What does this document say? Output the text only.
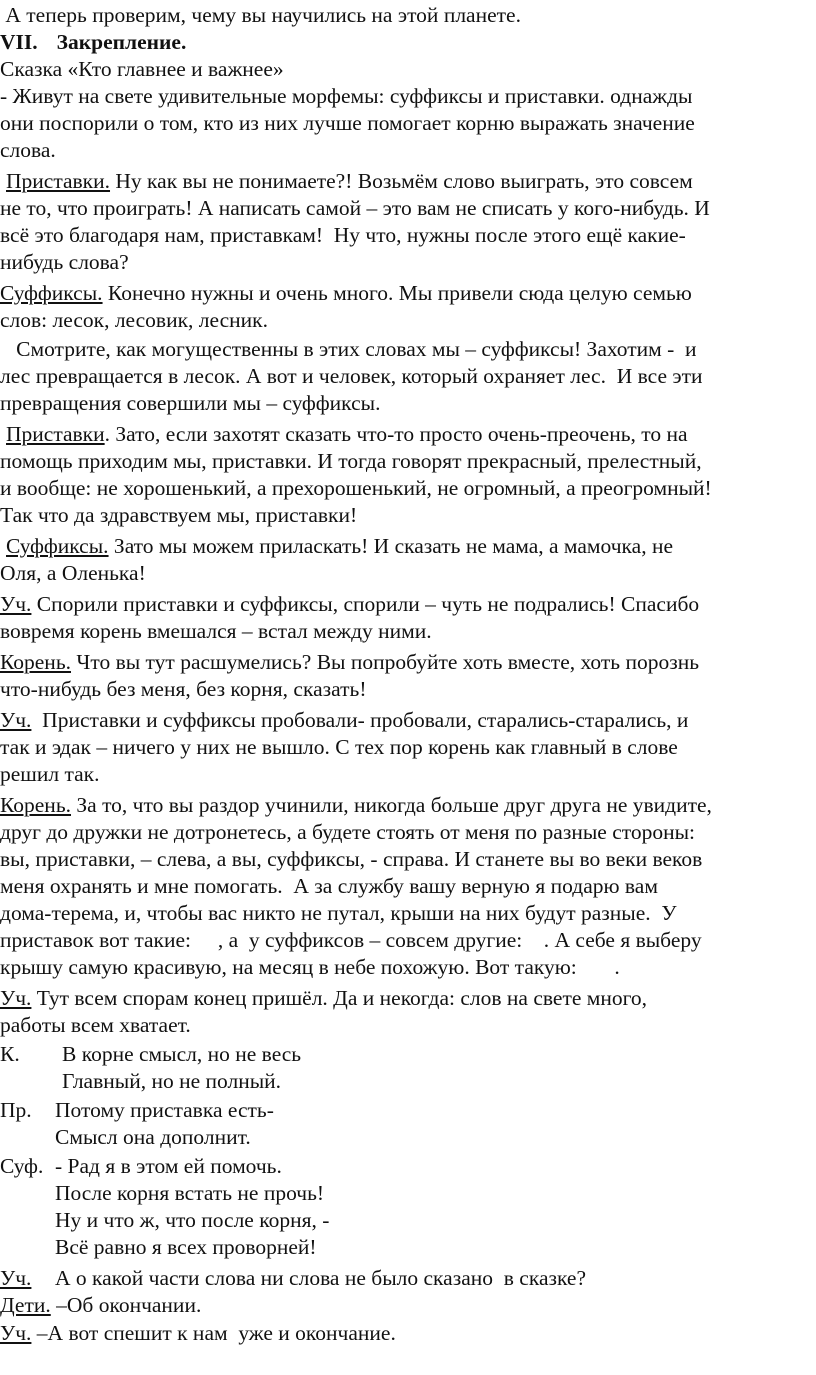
А теперь проверим, чему вы научились на этой планете.
VII. Закрепление.
Сказка «Кто главнее и важнее»
- Живут на свете удивительные морфемы: суффиксы и приставки. однажды
они поспорили о том, кто из них лучше помогает корню выражать значение
слова.
Приставки. Ну как вы не понимаете?! Возьмём слово выиграть, это совсем
не то, что проиграть! А написать самой – это вам не списать у кого-нибудь. И
всё это благодаря нам, приставкам!  Ну что, нужны после этого ещё какие-
нибудь слова?
Суффиксы. Конечно нужны и очень много. Мы привели сюда целую семью
слов: лесок, лесовик, лесник.
Смотрите, как могущественны в этих словах мы – суффиксы! Захотим -  и
лес превращается в лесок. А вот и человек, который охраняет лес.  И все эти
превращения совершили мы – суффиксы.
Приставки. Зато, если захотят сказать что-то просто очень-преочень, то на
помощь приходим мы, приставки. И тогда говорят прекрасный, прелестный,
и вообще: не хорошенький, а прехорошенький, не огромный, а преогромный!
Так что да здравствуем мы, приставки!
Суффиксы. Зато мы можем приласкать! И сказать не мама, а мамочка, не
Оля, а Оленька!
Уч. Спорили приставки и суффиксы, спорили – чуть не подрались! Спасибо
вовремя корень вмешался – встал между ними.
Корень. Что вы тут расшумелись? Вы попробуйте хоть вместе, хоть порознь
что-нибудь без меня, без корня, сказать!
Уч.  Приставки и суффиксы пробовали- пробовали, старались-старались, и
так и эдак – ничего у них не вышло. С тех пор корень как главный в слове
решил так.
Корень. За то, что вы раздор учинили, никогда больше друг друга не увидите,
друг до дружки не дотронетесь, а будете стоять от меня по разные стороны:
вы, приставки, – слева, а вы, суффиксы, - справа. И станете вы во веки веков
меня охранять и мне помогать.  А за службу вашу верную я подарю вам
дома-терема, и, чтобы вас никто не путал, крыши на них будут разные.  У
приставок вот такие:     , а  у суффиксов – совсем другие:    . А себе я выберу
крышу самую красивую, на месяц в небе похожую. Вот такую:       .
Уч. Тут всем спорам конец пришёл. Да и некогда: слов на свете много,
работы всем хватает.
К. В корне смысл, но не весь
Главный, но не полный.
Пр. Потому приставка есть-
Смысл она дополнит.
Суф. - Рад я в этом ей помочь.
После корня встать не прочь!
Ну и что ж, что после корня, -
Всё равно я всех проворней!
Уч. А о какой части слова ни слова не было сказано  в сказке?
Дети. –Об окончании.
Уч. –А вот спешит к нам  уже и окончание.
